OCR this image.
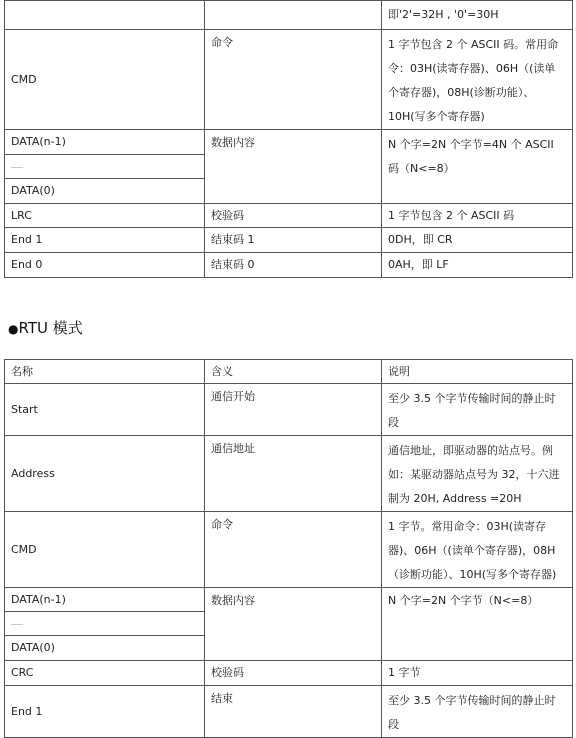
		即'2'=32H , '0'=30H
CMD	命令	1 字节包含 2 个 ASCII 码。常用命令：03H(读寄存器)、06H（(读单个寄存器)，08H(诊断功能）、10H(写多个寄存器)
DATA(n-1)	数据内容	N 个字=2N 个字节=4N 个 ASCII 码（N<=8）
……		
DATA(0)		
LRC	校验码	1 字节包含 2 个 ASCII 码
End 1	结束码 1	0DH，即 CR
End 0	结束码 0	0AH，即 LF
●RTU 模式
名称	含义	说明
Start	通信开始	至少 3.5 个字节传输时间的静止时段
Address	通信地址	通信地址，即驱动器的站点号。例如：某驱动器站点号为 32，十六进制为 20H, Address =20H
CMD	命令	1 字节。常用命令：03H(读寄存器)、06H（(读单个寄存器)，08H（诊断功能）、10H(写多个寄存器)
DATA(n-1)	数据内容	N 个字=2N 个字节（N<=8）
……		
DATA(0)		
CRC	校验码	1 字节
End 1	结束	至少 3.5 个字节传输时间的静止时段
